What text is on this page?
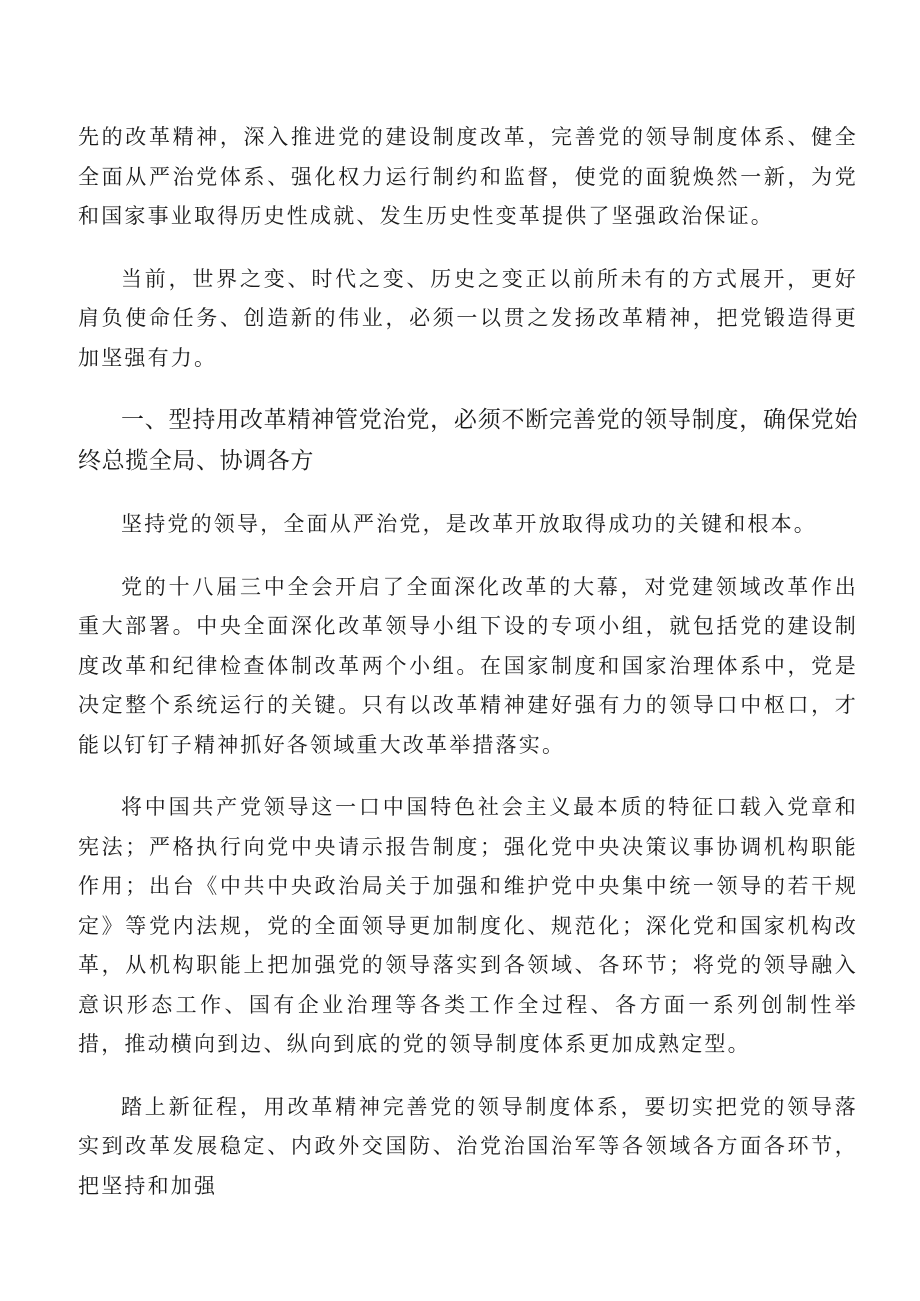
先的改革精神，深入推进党的建设制度改革，完善党的领导制度体系、健全全面从严治党体系、强化权力运行制约和监督，使党的面貌焕然一新，为党和国家事业取得历史性成就、发生历史性变革提供了坚强政治保证。

当前，世界之变、时代之变、历史之变正以前所未有的方式展开，更好肩负使命任务、创造新的伟业，必须一以贯之发扬改革精神，把党锻造得更加坚强有力。

一、型持用改革精神管党治党，必须不断完善党的领导制度，确保党始终总揽全局、协调各方

坚持党的领导，全面从严治党，是改革开放取得成功的关键和根本。

党的十八届三中全会开启了全面深化改革的大幕，对党建领域改革作出重大部署。中央全面深化改革领导小组下设的专项小组，就包括党的建设制度改革和纪律检查体制改革两个小组。在国家制度和国家治理体系中，党是决定整个系统运行的关键。只有以改革精神建好强有力的领导口中枢口，才能以钉钉子精神抓好各领域重大改革举措落实。

将中国共产党领导这一口中国特色社会主义最本质的特征口载入党章和宪法；严格执行向党中央请示报告制度；强化党中央决策议事协调机构职能作用；出台《中共中央政治局关于加强和维护党中央集中统一领导的若干规定》等党内法规，党的全面领导更加制度化、规范化；深化党和国家机构改革，从机构职能上把加强党的领导落实到各领域、各环节；将党的领导融入意识形态工作、国有企业治理等各类工作全过程、各方面一系列创制性举措，推动横向到边、纵向到底的党的领导制度体系更加成熟定型。

踏上新征程，用改革精神完善党的领导制度体系，要切实把党的领导落实到改革发展稳定、内政外交国防、治党治国治军等各领域各方面各环节，把坚持和加强
